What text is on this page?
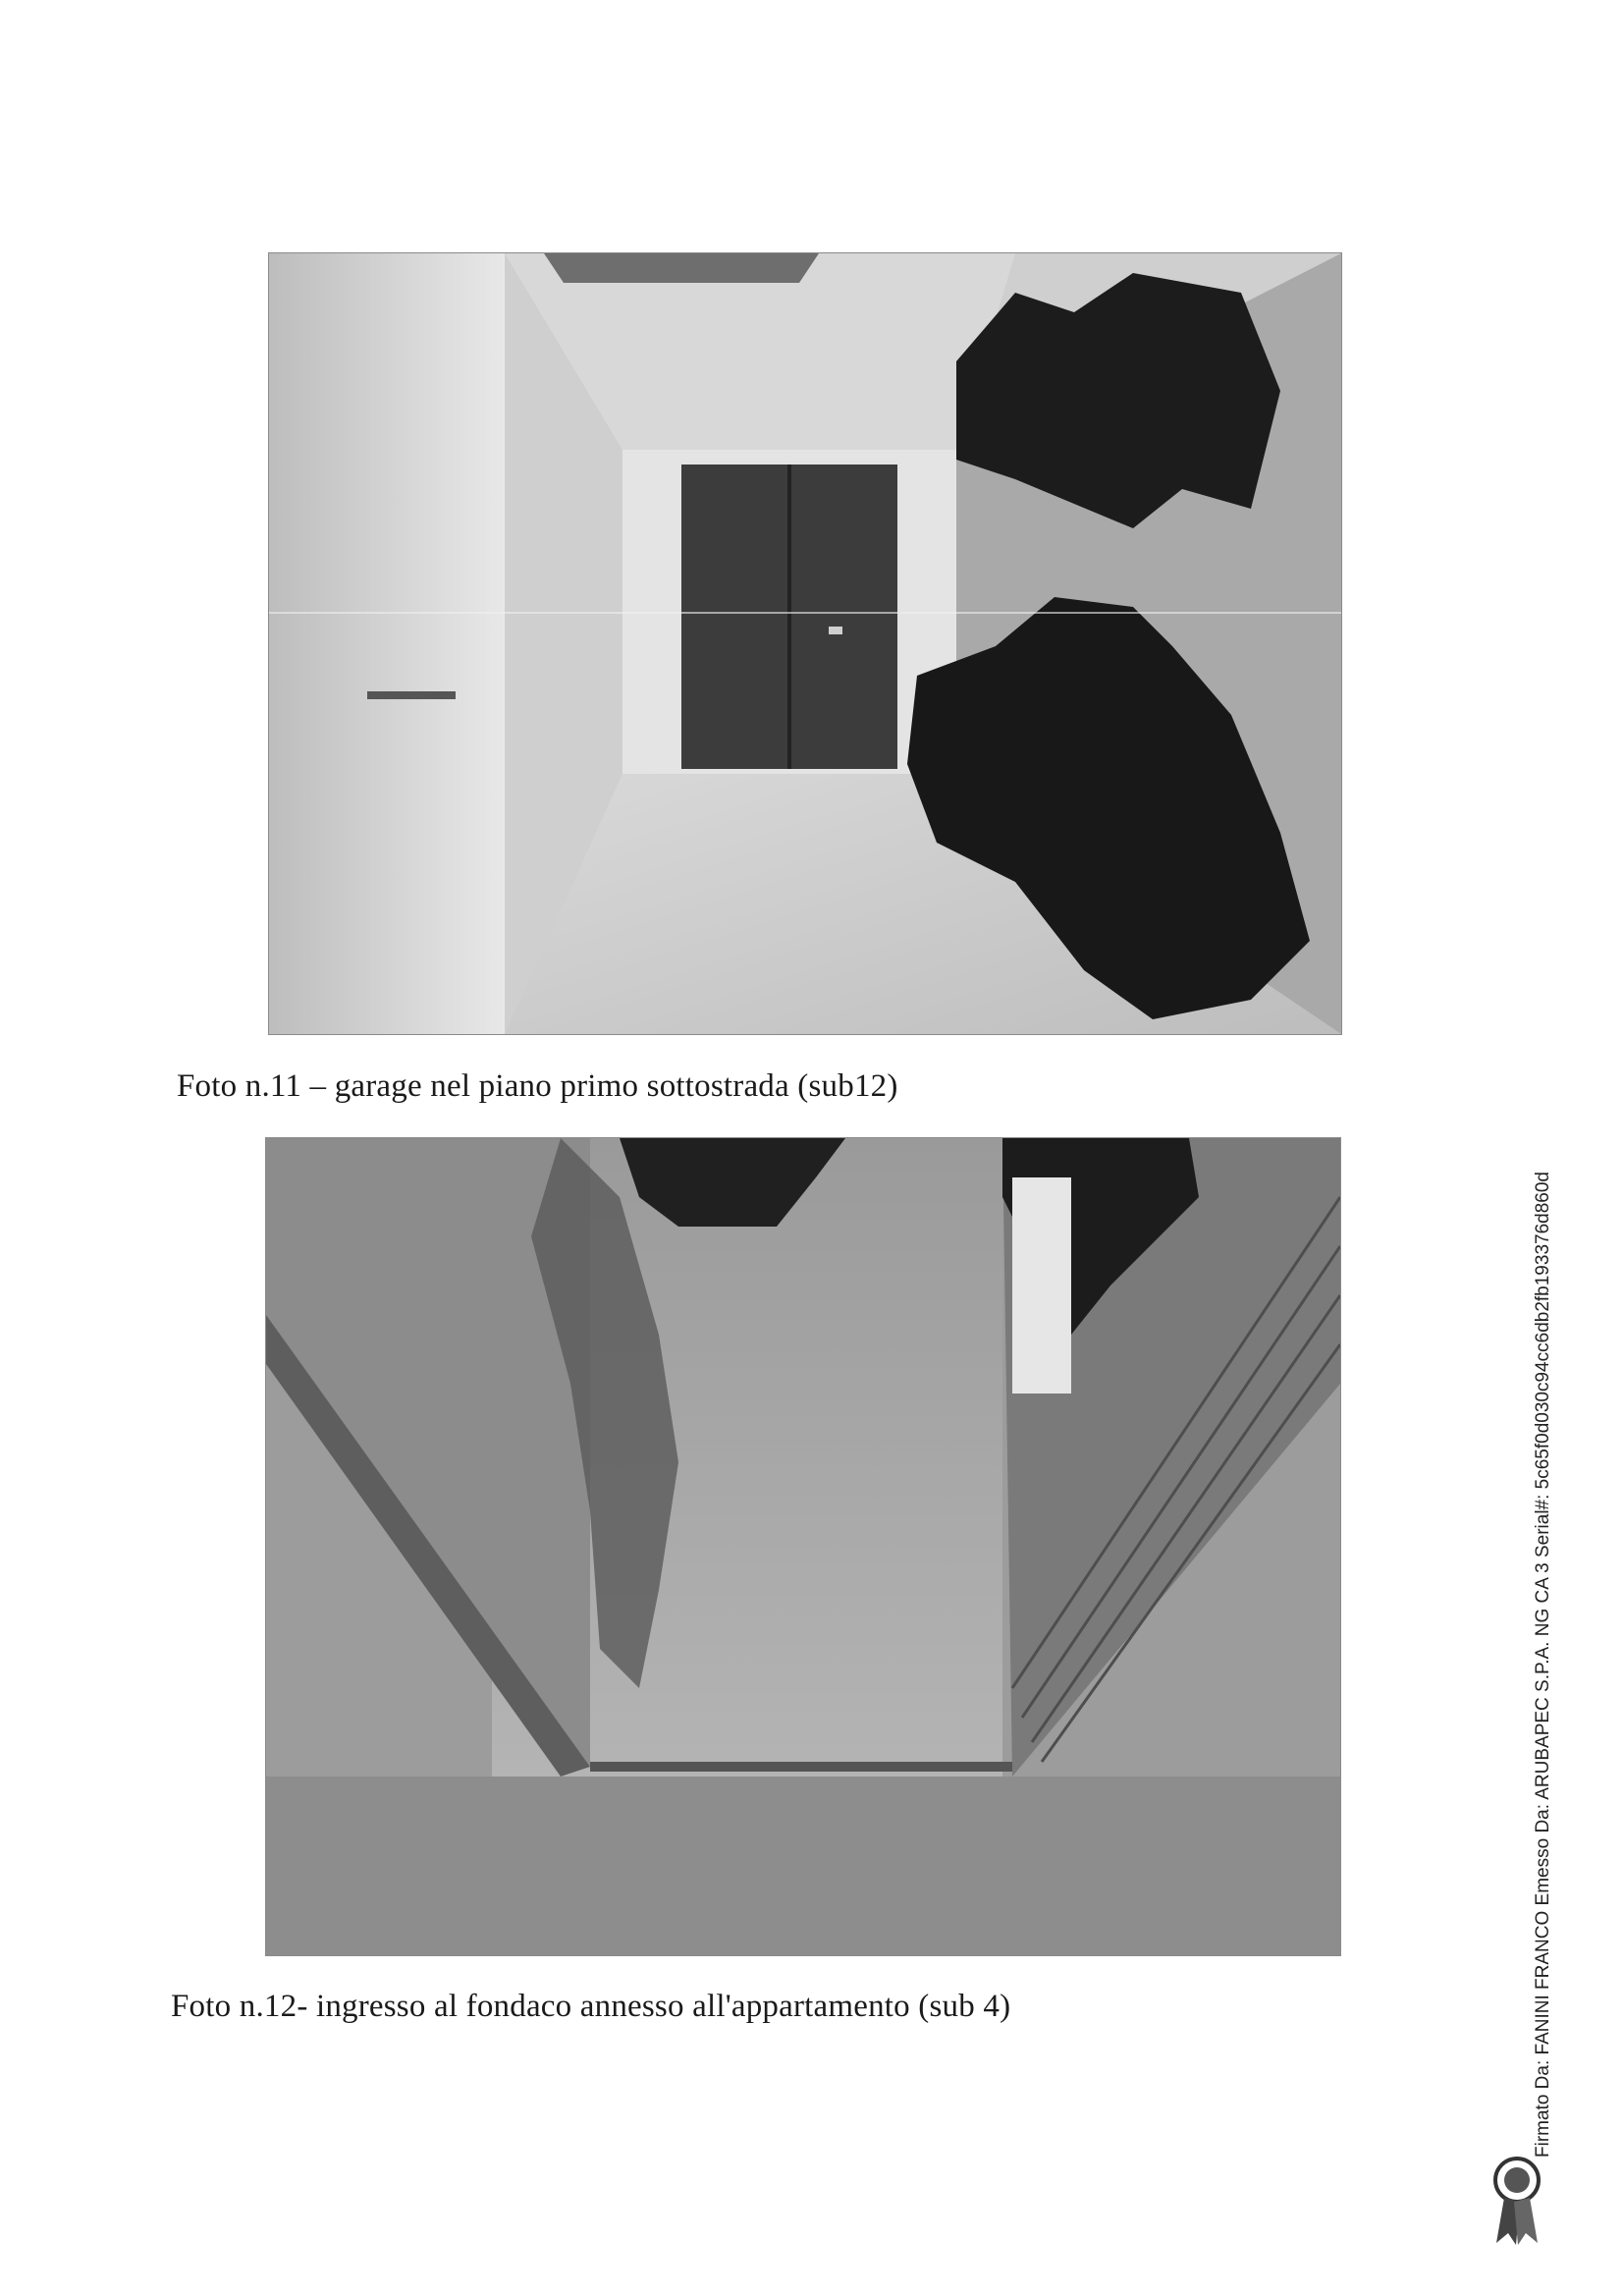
Foto n.11 – garage nel piano primo sottostrada (sub12)
Foto n.12- ingresso al fondaco annesso all'appartamento (sub 4)	Firmato Da: FANINI FRANCO Emesso Da: ARUBAPEC S.P.A. NG CA 3 Serial#: 5c65f0d030c94cc6db2fb193376d860d
